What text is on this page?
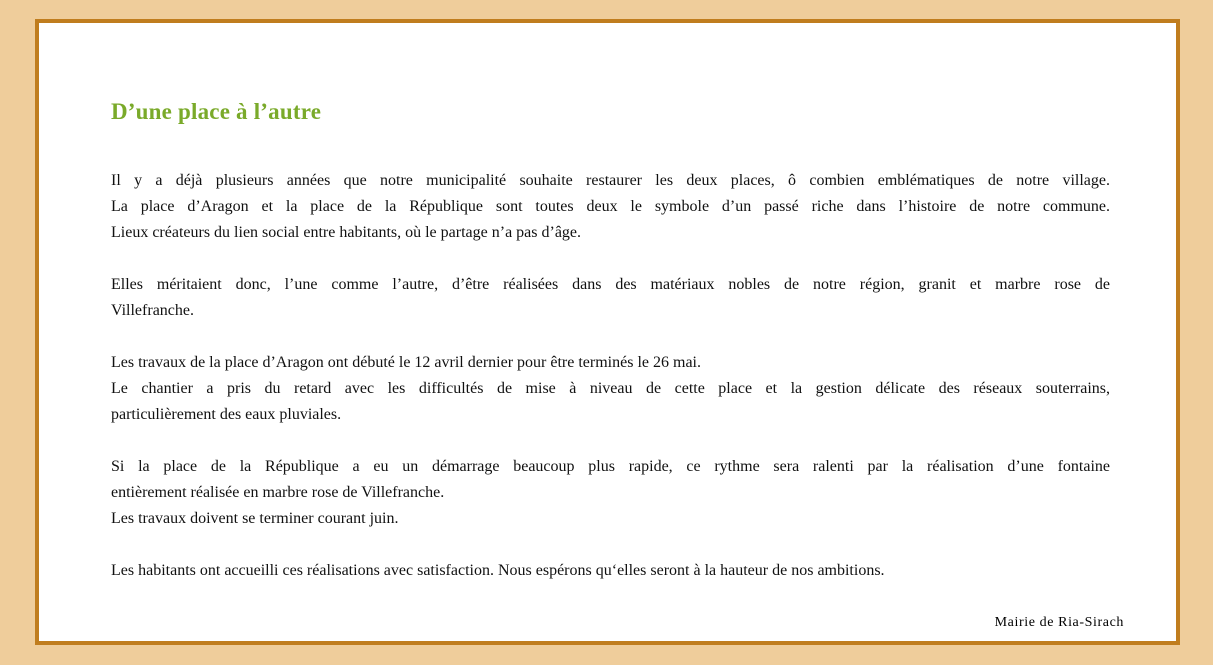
D’une place à l’autre

Il y a déjà plusieurs années que notre municipalité souhaite restaurer les deux places, ô combien emblématiques de notre village.
La place d’Aragon et la place de la République sont toutes deux le symbole d’un passé riche dans l’histoire de notre commune.
Lieux créateurs du lien social entre habitants, où le partage n’a pas d’âge.

Elles méritaient donc, l’une comme l’autre, d’être réalisées dans des matériaux nobles de notre région, granit et marbre rose de
Villefranche.

Les travaux de la place d’Aragon ont débuté le 12 avril dernier pour être terminés le 26 mai.
Le chantier a pris du retard avec les difficultés de mise à niveau de cette place et la gestion délicate des réseaux souterrains,
particulièrement des eaux pluviales.

Si la place de la République a eu un démarrage beaucoup plus rapide, ce rythme sera ralenti par la réalisation d’une fontaine
entièrement réalisée en marbre rose de Villefranche.
Les travaux doivent se terminer courant juin.

Les habitants ont accueilli ces réalisations avec satisfaction. Nous espérons qu‘elles seront à la hauteur de nos ambitions.

Mairie de Ria-Sirach
